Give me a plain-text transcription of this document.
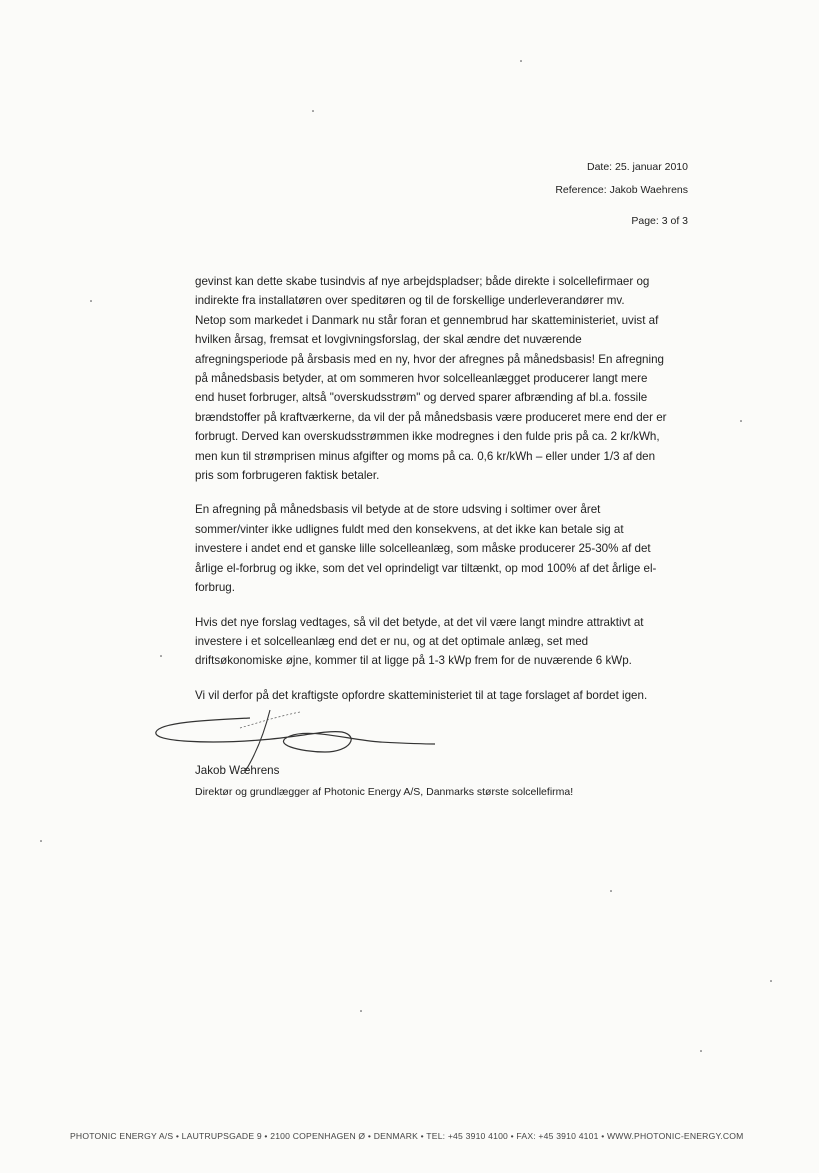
Date: 25. januar 2010
Reference: Jakob Waehrens
Page: 3 of 3

gevinst kan dette skabe tusindvis af nye arbejdspladser; både direkte i solcellefirmaer og
indirekte fra installatøren over speditøren og til de forskellige underleverandører mv.
Netop som markedet i Danmark nu står foran et gennembrud har skatteministeriet, uvist af
hvilken årsag, fremsat et lovgivningsforslag, der skal ændre det nuværende
afregningsperiode på årsbasis med en ny, hvor der afregnes på månedsbasis! En afregning
på månedsbasis betyder, at om sommeren hvor solcelleanlægget producerer langt mere
end huset forbruger, altså "overskudsstrøm" og derved sparer afbrænding af bl.a. fossile
brændstoffer på kraftværkerne, da vil der på månedsbasis være produceret mere end der er
forbrugt. Derved kan overskudsstrømmen ikke modregnes i den fulde pris på ca. 2 kr/kWh,
men kun til strømprisen minus afgifter og moms på ca. 0,6 kr/kWh – eller under 1/3 af den
pris som forbrugeren faktisk betaler.

En afregning på månedsbasis vil betyde at de store udsving i soltimer over året
sommer/vinter ikke udlignes fuldt med den konsekvens, at det ikke kan betale sig at
investere i andet end et ganske lille solcelleanlæg, som måske producerer 25-30% af det
årlige el-forbrug og ikke, som det vel oprindeligt var tiltænkt, op mod 100% af det årlige el-
forbrug.

Hvis det nye forslag vedtages, så vil det betyde, at det vil være langt mindre attraktivt at
investere i et solcelleanlæg end det er nu, og at det optimale anlæg, set med
driftsøkonomiske øjne, kommer til at ligge på 1-3 kWp frem for de nuværende 6 kWp.

Vi vil derfor på det kraftigste opfordre skatteministeriet til at tage forslaget af bordet igen.

Jakob Wæhrens
Direktør og grundlægger af Photonic Energy A/S, Danmarks største solcellefirma!
PHOTONIC ENERGY A/S • LAUTRUPSGADE 9 • 2100 COPENHAGEN Ø • DENMARK • TEL: +45 3910 4100 • FAX: +45 3910 4101 • WWW.PHOTONIC-ENERGY.COM
